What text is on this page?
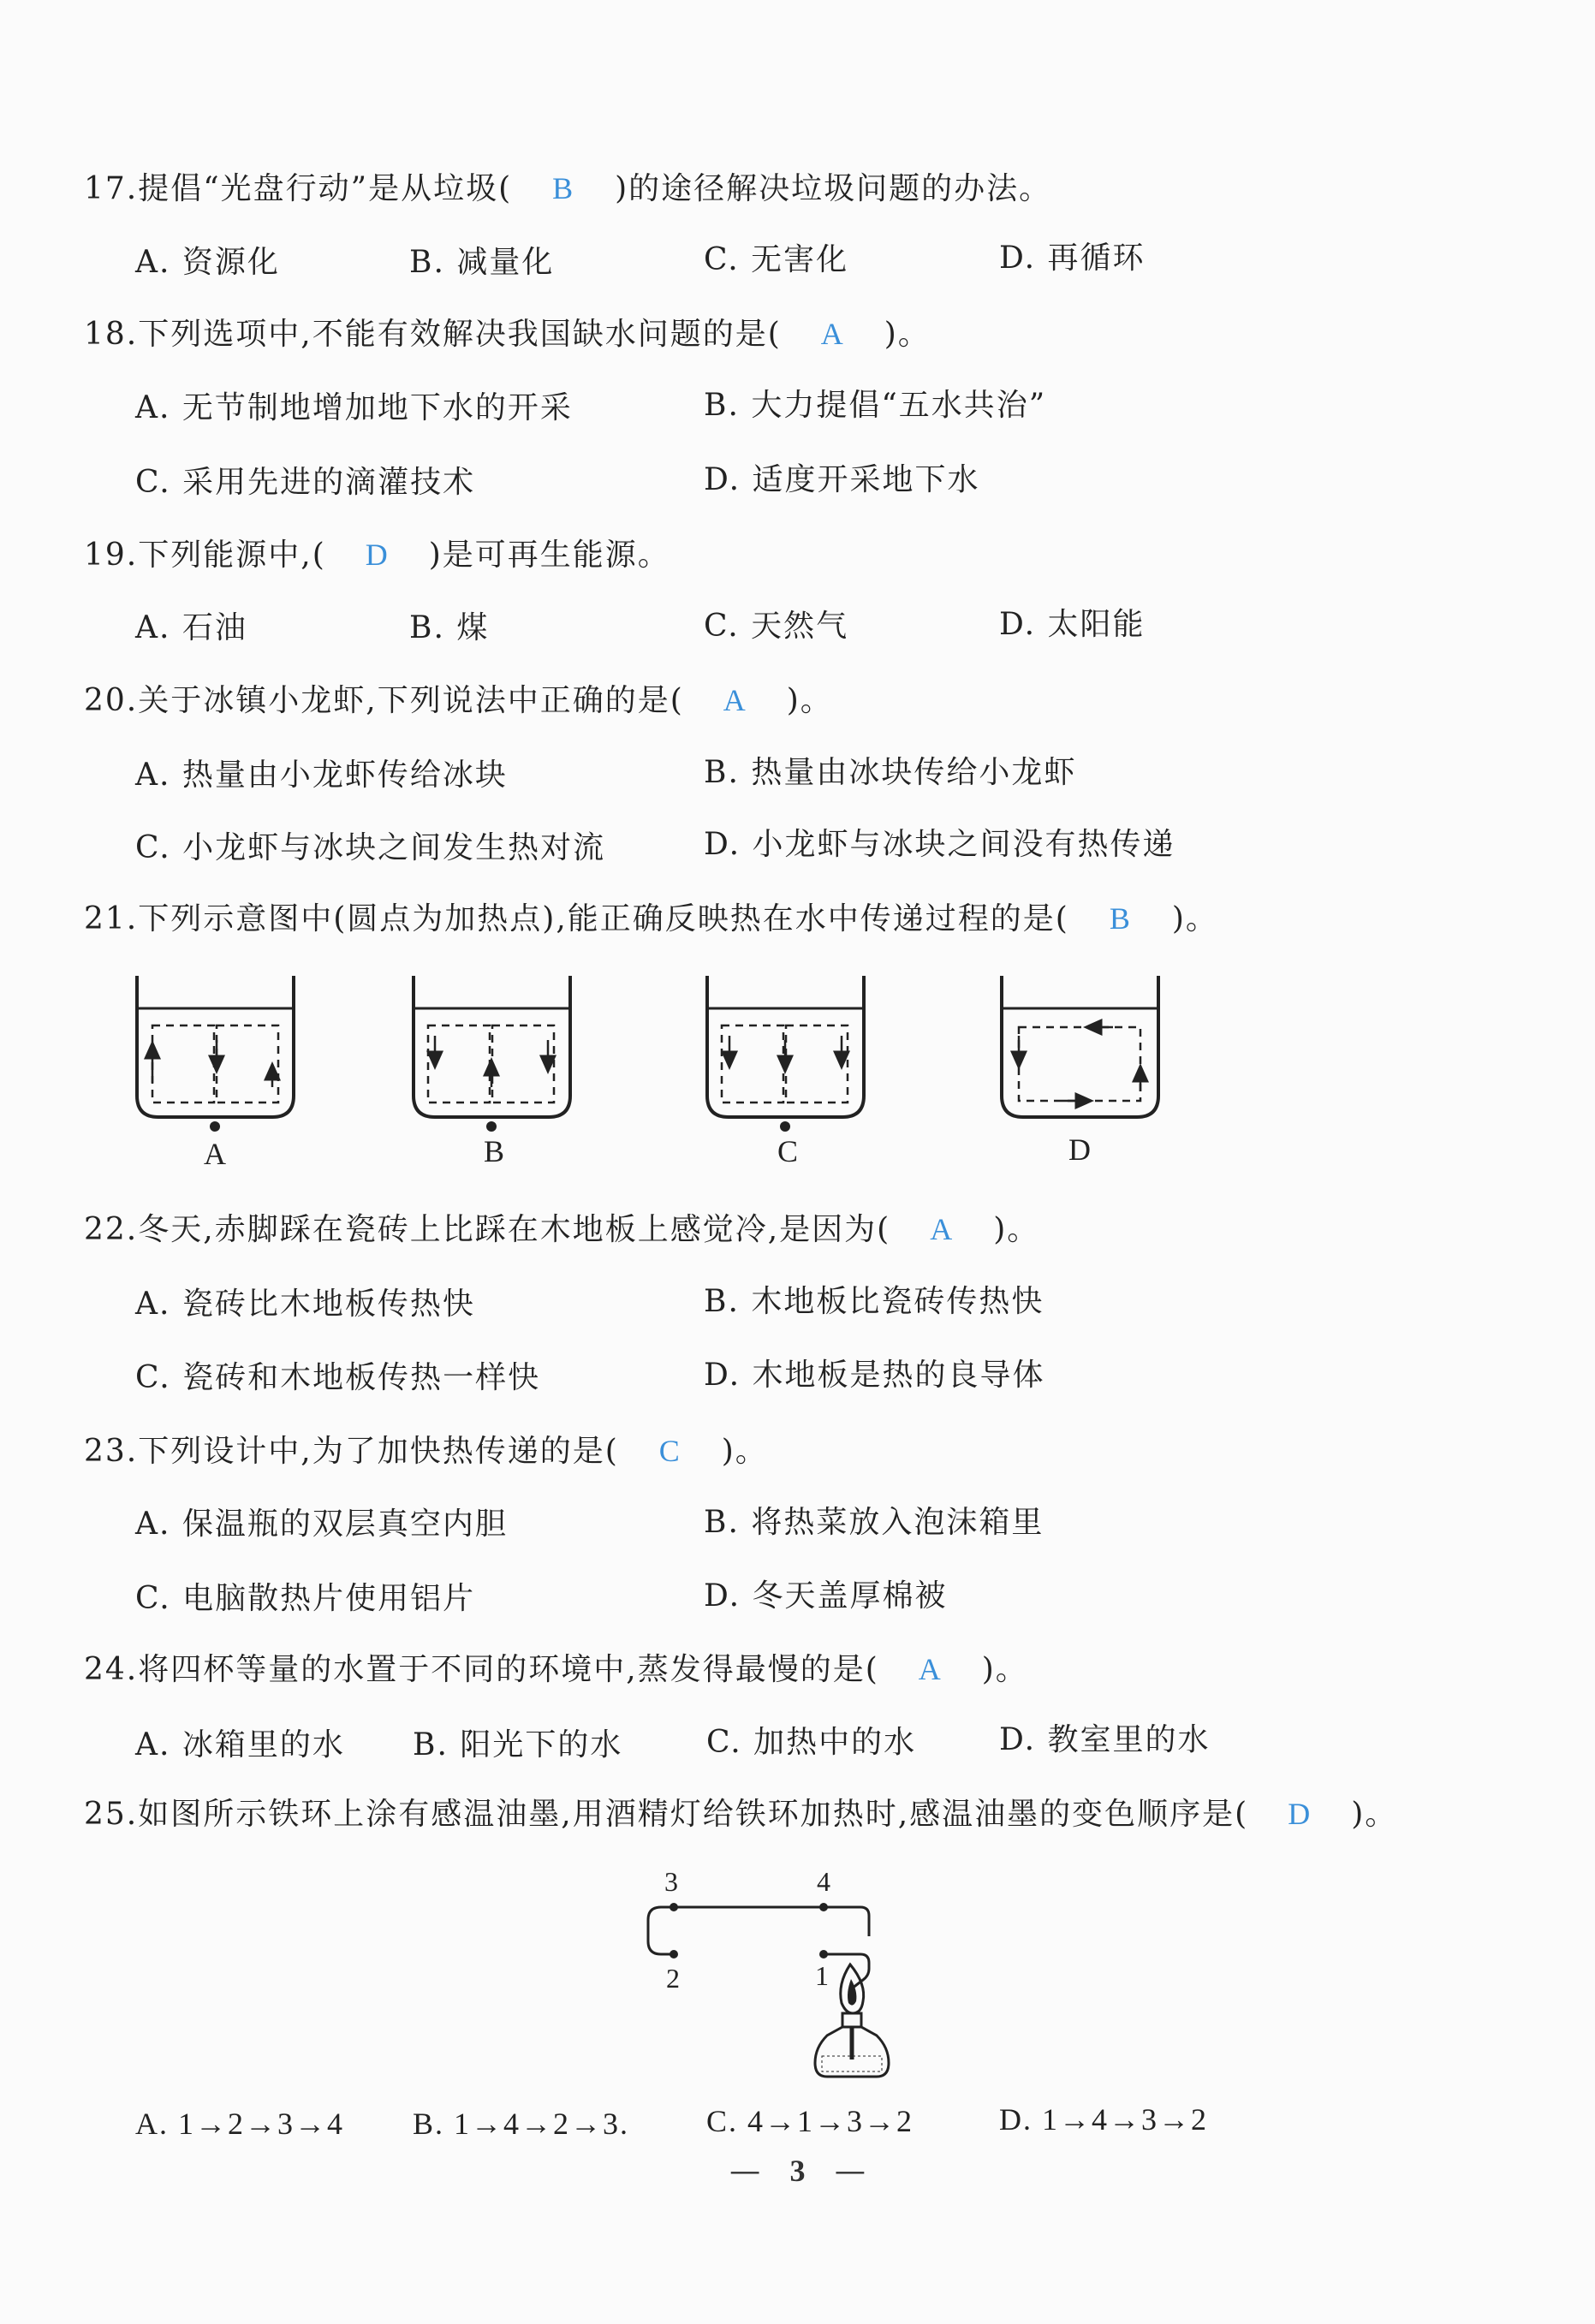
17.提倡“光盘行动”是从垃圾( B )的途径解决垃圾问题的办法。
A. 资源化	B. 减量化	C. 无害化	D. 再循环
18.下列选项中,不能有效解决我国缺水问题的是( A )。
A. 无节制地增加地下水的开采	B. 大力提倡“五水共治”
C. 采用先进的滴灌技术	D. 适度开采地下水
19.下列能源中,( D )是可再生能源。
A. 石油	B. 煤	C. 天然气	D. 太阳能
20.关于冰镇小龙虾,下列说法中正确的是( A )。
A. 热量由小龙虾传给冰块	B. 热量由冰块传给小龙虾
C. 小龙虾与冰块之间发生热对流	D. 小龙虾与冰块之间没有热传递
21.下列示意图中(圆点为加热点),能正确反映热在水中传递过程的是( B )。
A	B	C	D
22.冬天,赤脚踩在瓷砖上比踩在木地板上感觉冷,是因为( A )。
A. 瓷砖比木地板传热快	B. 木地板比瓷砖传热快
C. 瓷砖和木地板传热一样快	D. 木地板是热的良导体
23.下列设计中,为了加快热传递的是( C )。
A. 保温瓶的双层真空内胆	B. 将热菜放入泡沫箱里
C. 电脑散热片使用铝片	D. 冬天盖厚棉被
24.将四杯等量的水置于不同的环境中,蒸发得最慢的是( A )。
A. 冰箱里的水 B. 阳光下的水	C. 加热中的水	D. 教室里的水
25.如图所示铁环上涂有感温油墨,用酒精灯给铁环加热时,感温油墨的变色顺序是( D )。
3	4
2	1
A. 1→2→3→4 B. 1→4→2→3. C. 4→1→3→2	D. 1→4→3→2
— 3 —
